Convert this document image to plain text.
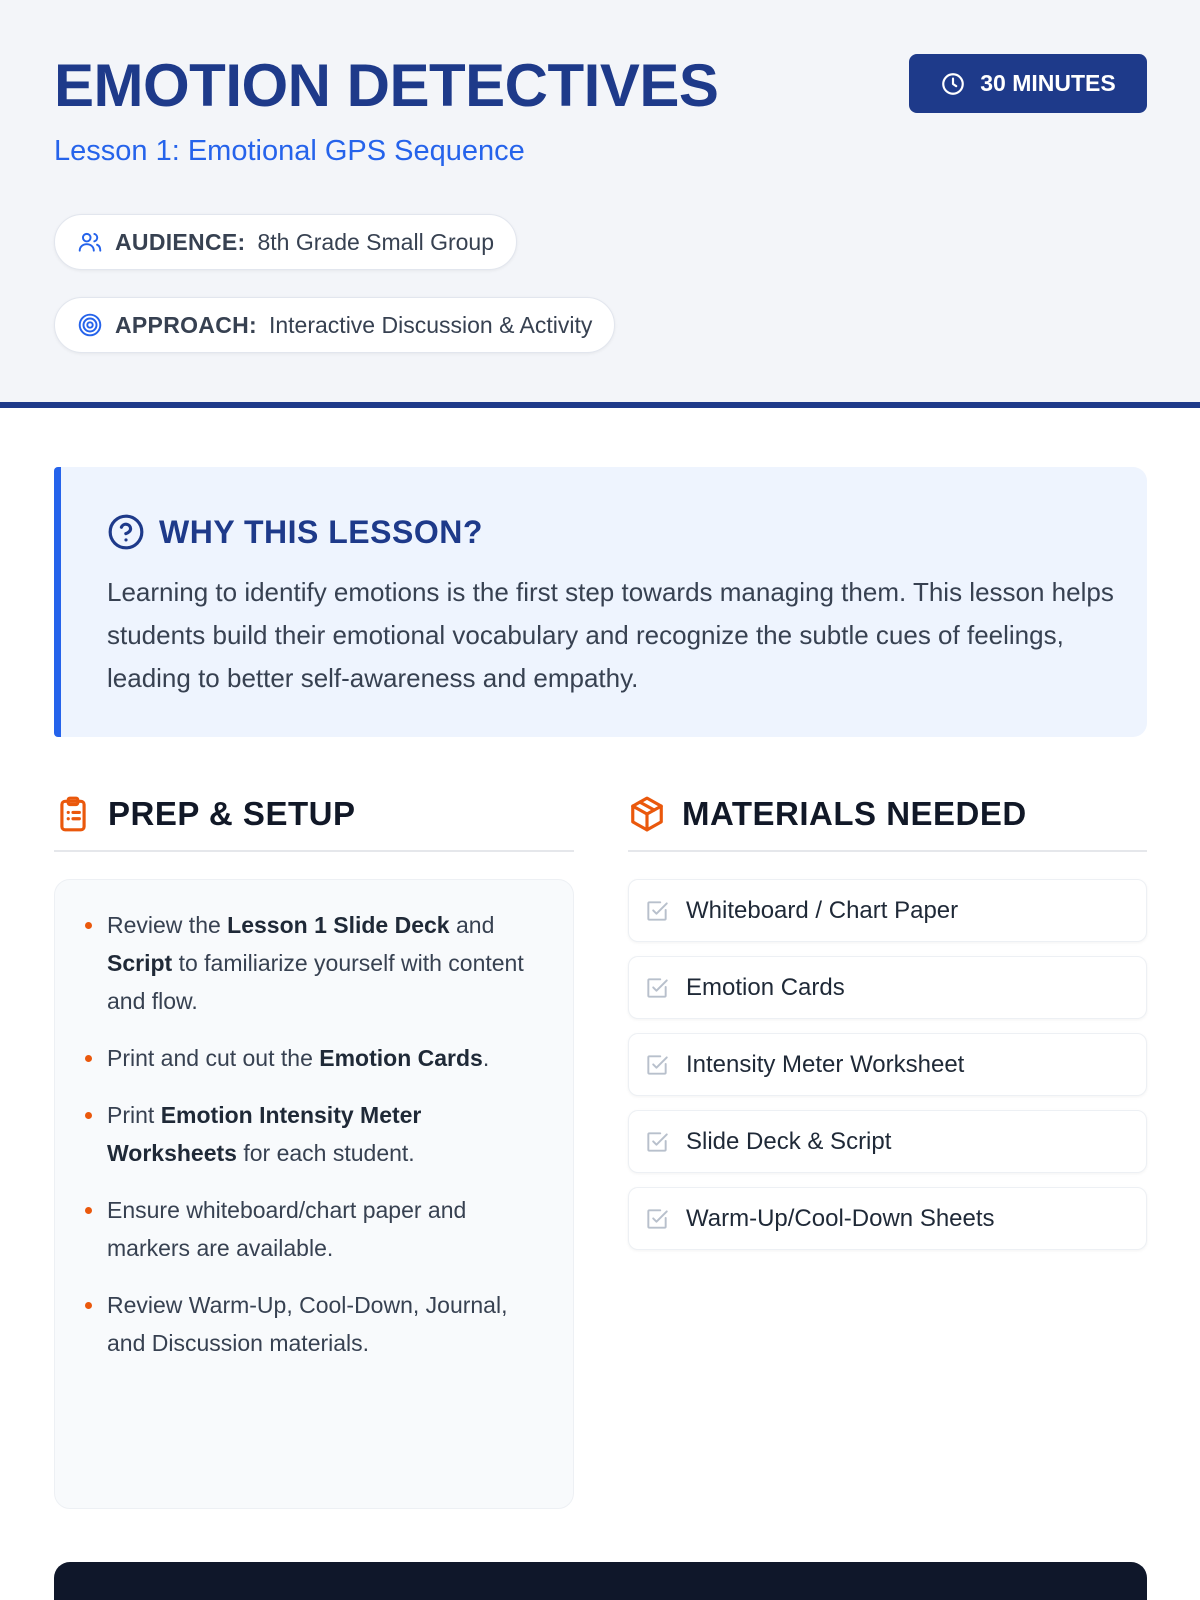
EMOTION DETECTIVES
Lesson 1: Emotional GPS Sequence
30 MINUTES
AUDIENCE: 8th Grade Small Group
APPROACH: Interactive Discussion & Activity
WHY THIS LESSON?

Learning to identify emotions is the first step towards managing them. This lesson helps students build their emotional vocabulary and recognize the subtle cues of feelings, leading to better self-awareness and empathy.

PREP & SETUP	MATERIALS NEEDED
Review the Lesson 1 Slide Deck and Script to familiarize yourself with content and flow.
Print and cut out the Emotion Cards.
Print Emotion Intensity Meter Worksheets for each student.
Ensure whiteboard/chart paper and markers are available.
Review Warm-Up, Cool-Down, Journal, and Discussion materials.
Whiteboard / Chart Paper
Emotion Cards
Intensity Meter Worksheet
Slide Deck & Script
Warm-Up/Cool-Down Sheets
